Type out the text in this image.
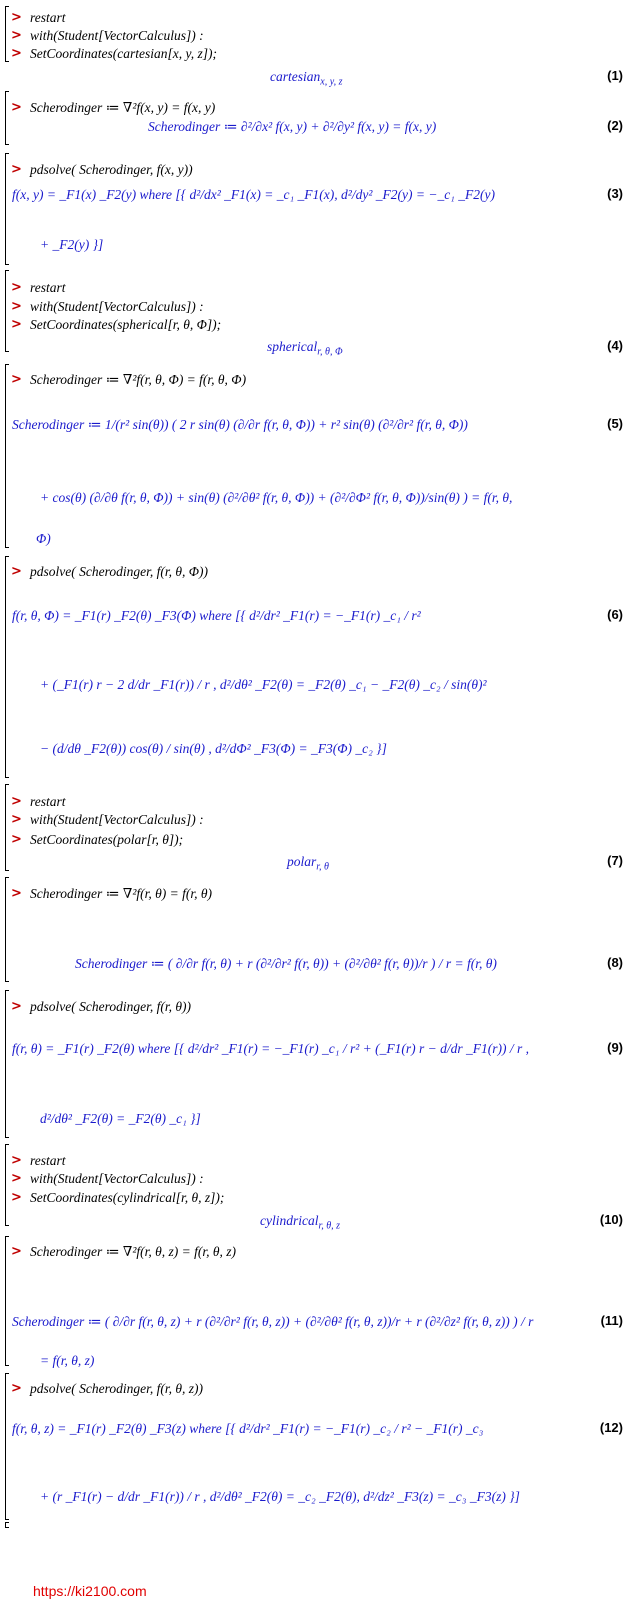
> restart
> with(Student[VectorCalculus]) :
> SetCoordinates(cartesian[x, y, z]);
cartesian$_{x, y, z}$	(1)
> Scherodinger ≔ ∇²f(x, y) = f(x, y)
Scherodinger ≔ ∂²/∂x² f(x, y) + ∂²/∂y² f(x, y) = f(x, y)	(2)
> pdsolve( Scherodinger, f(x, y))
f(x, y) = _F1(x) _F2(y) where [{ d²/dx² _F1(x) = _c₁ _F1(x), d²/dy² _F2(y) = −_c₁ _F2(y)	(3)
+ _F2(y) }]
> restart
> with(Student[VectorCalculus]) :
> SetCoordinates(spherical[r, θ, Φ]);
spherical$_{r, \theta, \Phi}$	(4)
> Scherodinger ≔ ∇²f(r, θ, Φ) = f(r, θ, Φ)
Scherodinger ≔ 1/(r² sin(θ)) ( 2 r sin(θ) (∂/∂r f(r, θ, Φ)) + r² sin(θ) (∂²/∂r² f(r, θ, Φ))	(5)
+ cos(θ) (∂/∂θ f(r, θ, Φ)) + sin(θ) (∂²/∂θ² f(r, θ, Φ)) + (∂²/∂Φ² f(r, θ, Φ))/sin(θ) ) = f(r, θ,
Φ)
> pdsolve( Scherodinger, f(r, θ, Φ))
f(r, θ, Φ) = _F1(r) _F2(θ) _F3(Φ) where [{ d²/dr² _F1(r) = −_F1(r) _c₁ / r²	(6)
+ (_F1(r) r − 2 d/dr _F1(r)) / r , d²/dθ² _F2(θ) = _F2(θ) _c₁ − _F2(θ) _c₂ / sin(θ)²
− (d/dθ _F2(θ)) cos(θ) / sin(θ) , d²/dΦ² _F3(Φ) = _F3(Φ) _c₂ }]
> restart
> with(Student[VectorCalculus]) :
> SetCoordinates(polar[r, θ]);
polar$_{r, \theta}$	(7)
> Scherodinger ≔ ∇²f(r, θ) = f(r, θ)
Scherodinger ≔ ( ∂/∂r f(r, θ) + r (∂²/∂r² f(r, θ)) + (∂²/∂θ² f(r, θ))/r ) / r = f(r, θ)	(8)
> pdsolve( Scherodinger, f(r, θ))
f(r, θ) = _F1(r) _F2(θ) where [{ d²/dr² _F1(r) = −_F1(r) _c₁ / r² + (_F1(r) r − d/dr _F1(r)) / r ,	(9)
d²/dθ² _F2(θ) = _F2(θ) _c₁ }]
> restart
> with(Student[VectorCalculus]) :
> SetCoordinates(cylindrical[r, θ, z]);
cylindrical$_{r, \theta, z}$	(10)
> Scherodinger ≔ ∇²f(r, θ, z) = f(r, θ, z)
Scherodinger ≔ ( ∂/∂r f(r, θ, z) + r (∂²/∂r² f(r, θ, z)) + (∂²/∂θ² f(r, θ, z))/r + r (∂²/∂z² f(r, θ, z)) ) / r	(11)
= f(r, θ, z)
> pdsolve( Scherodinger, f(r, θ, z))
f(r, θ, z) = _F1(r) _F2(θ) _F3(z) where [{ d²/dr² _F1(r) = −_F1(r) _c₂ / r² − _F1(r) _c₃	(12)
+ (r _F1(r) − d/dr _F1(r)) / r , d²/dθ² _F2(θ) = _c₂ _F2(θ), d²/dz² _F3(z) = _c₃ _F3(z) }]
https://ki2100.com
